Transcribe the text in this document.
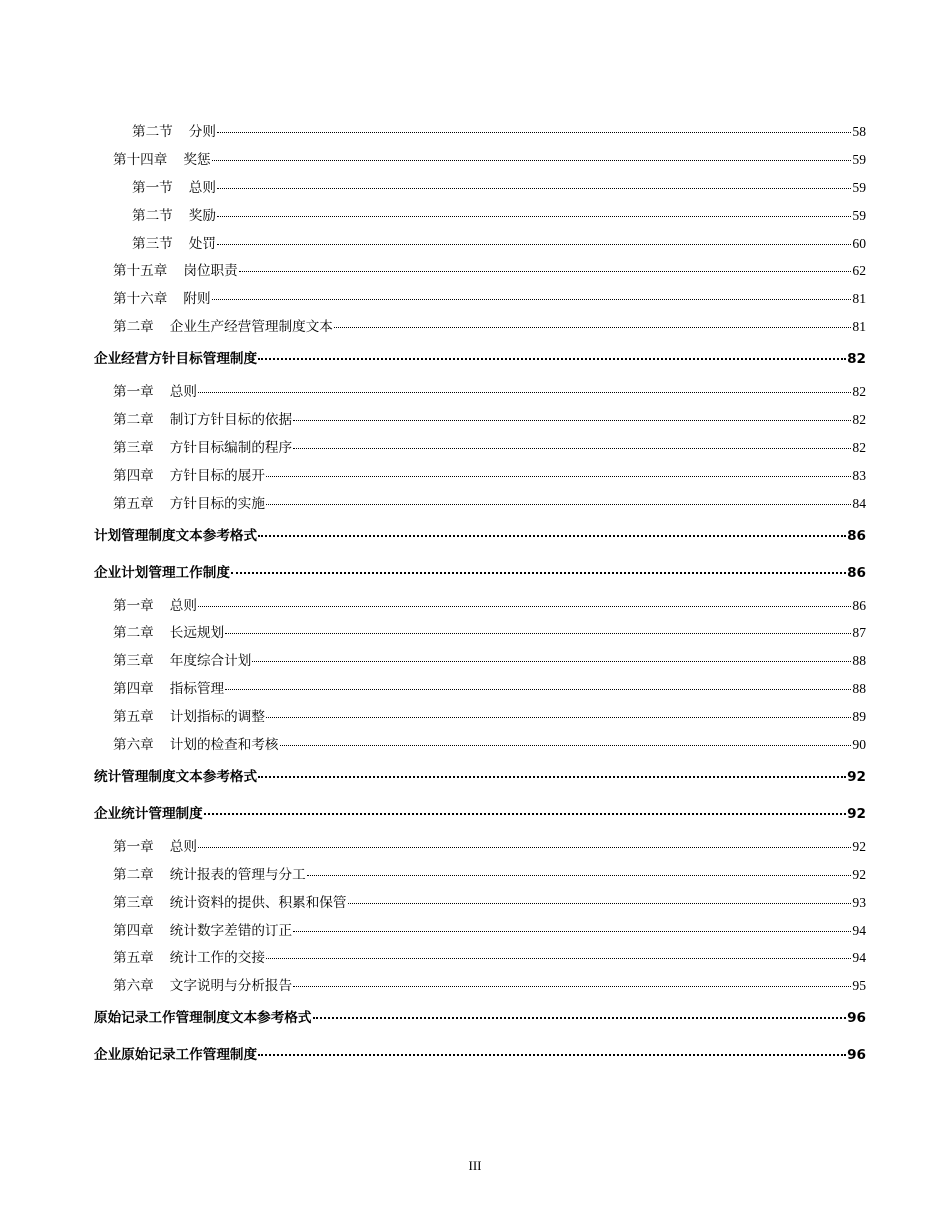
第二节 分则	58
第十四章 奖惩	59
第一节 总则	59
第二节 奖励	59
第三节 处罚	60
第十五章 岗位职责	62
第十六章 附则	81
第二章 企业生产经营管理制度文本	81
企业经营方针目标管理制度	82
第一章 总则	82
第二章 制订方针目标的依据	82
第三章 方针目标编制的程序	82
第四章 方针目标的展开	83
第五章 方针目标的实施	84
计划管理制度文本参考格式	86
企业计划管理工作制度	86
第一章 总则	86
第二章 长远规划	87
第三章 年度综合计划	88
第四章 指标管理	88
第五章 计划指标的调整	89
第六章 计划的检查和考核	90
统计管理制度文本参考格式	92
企业统计管理制度	92
第一章 总则	92
第二章 统计报表的管理与分工	92
第三章 统计资料的提供、积累和保管	93
第四章 统计数字差错的订正	94
第五章 统计工作的交接	94
第六章 文字说明与分析报告	95
原始记录工作管理制度文本参考格式	96
企业原始记录工作管理制度	96
III
